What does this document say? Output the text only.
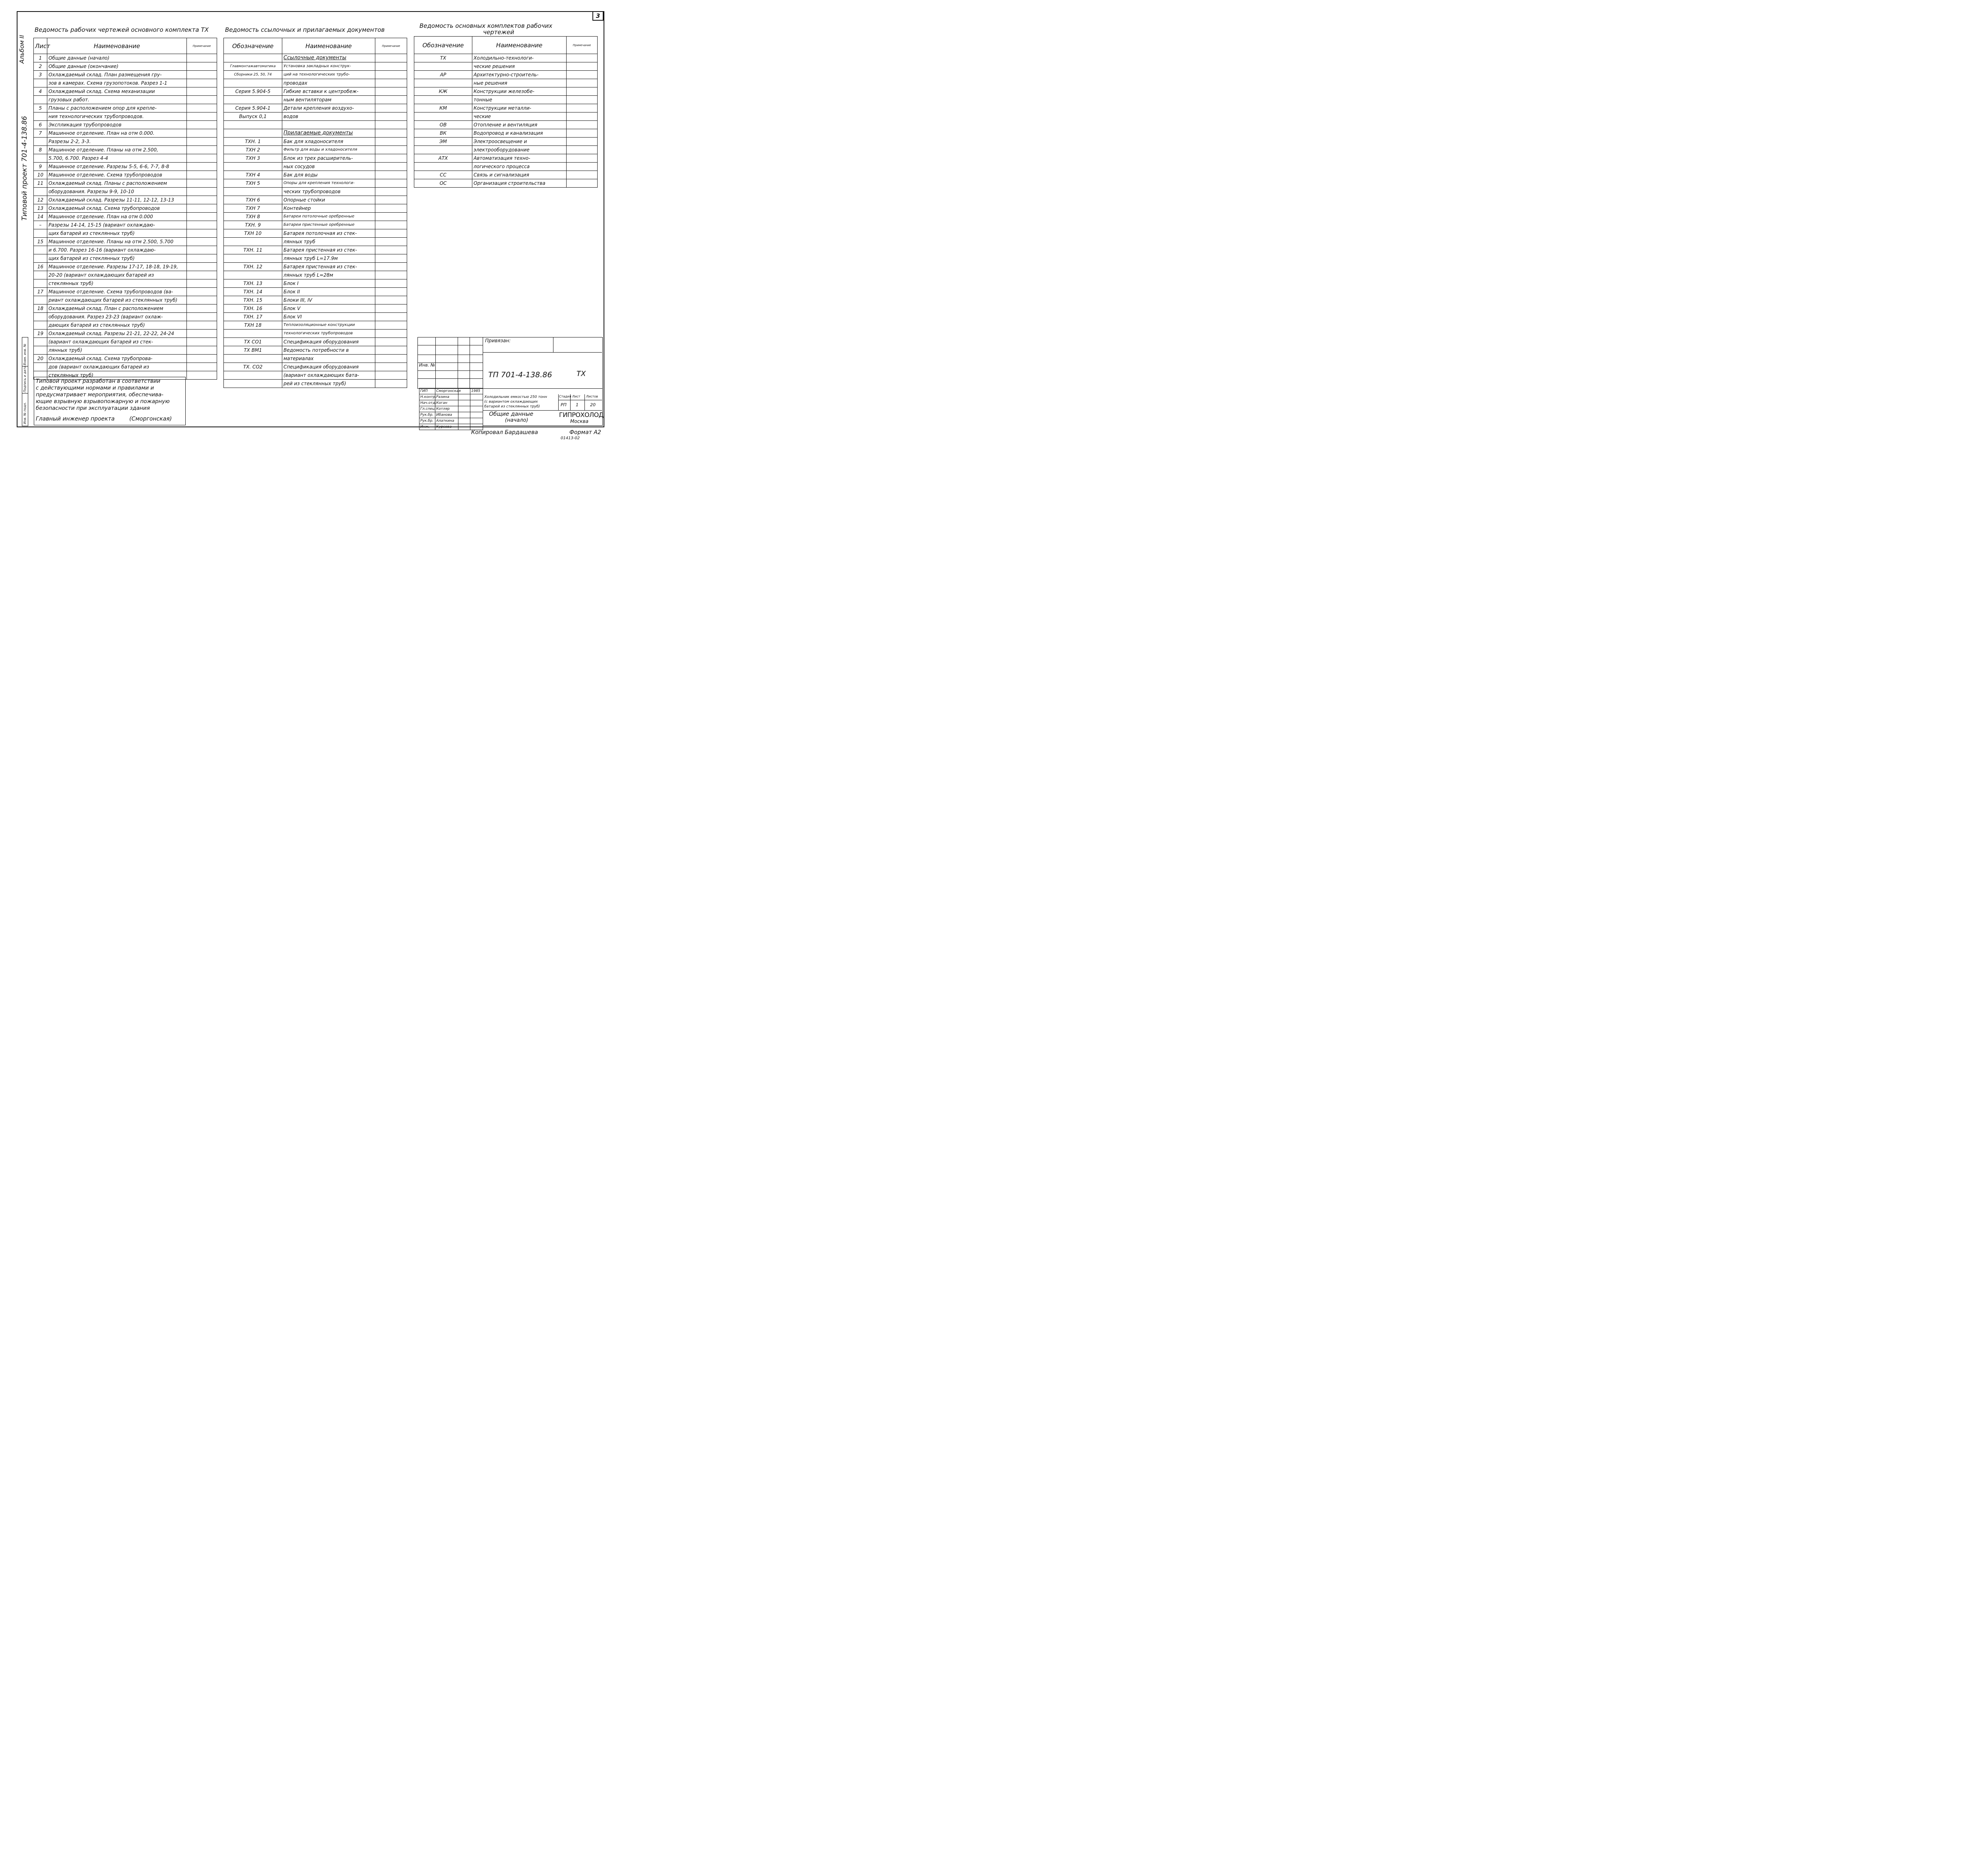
3
Альбом II
Типовой проект 701-4-138.86
Взам. инв. №
Подпись и дата
Инв. № подл.
Ведомость рабочих чертежей основного комплекта ТХ	Ведомость ссылочных и прилагаемых документов
Ведомость основных комплектов рабочих
чертежей
Лист	Наименование	Примечание
1	Общие данные (начало)	
2	Общие данные (окончание)	
3	Охлаждаемый склад. План размещения гру-	
	зов в камерах. Схема грузопотоков. Разрез 1-1	
4	Охлаждаемый склад. Схема механизации	
	грузовых работ.	
5	Планы с расположением опор для крепле-	
	ния технологических трубопроводов.	
6	Экспликация трубопроводов	
7	Машинное отделение. План на отм 0.000.	
	Разрезы 2-2, 3-3.	
8	Машинное отделение. Планы на отм 2.500,	
	5.700, 6.700. Разрез 4-4	
9	Машинное отделение. Разрезы 5-5, 6-6, 7-7, 8-8	
10	Машинное отделение. Схема трубопроводов	
11	Охлаждаемый склад. Планы с расположением	
	оборудования. Разрезы 9-9, 10-10	
12	Охлаждаемый склад. Разрезы 11-11, 12-12, 13-13	
13	Охлаждаемый склад. Схема трубопроводов	
14	Машинное отделение. План на отм 0.000	
–	Разрезы 14-14, 15-15 (вариант охлаждаю-	
	щих батарей из стеклянных труб)	
15	Машинное отделение. Планы на отм 2.500, 5.700	
	и 6.700. Разрез 16-16 (вариант охлаждаю-	
	щих батарей из стеклянных труб)	
16	Машинное отделение. Разрезы 17-17, 18-18, 19-19,	
	20-20 (вариант охлаждающих батарей из	
	стеклянных труб)	
17	Машинное отделение. Схема трубопроводов (ва-	
	риант охлаждающих батарей из стеклянных труб)	
18	Охлаждаемый склад. План с расположением	
	оборудования. Разрез 23-23 (вариант охлаж-	
	дающих батарей из стеклянных труб)	
19	Охлаждаемый склад. Разрезы 21-21, 22-22, 24-24	
	(вариант охлаждающих батарей из стек-	
	лянных труб)	
20	Охлаждаемый склад. Схема трубопрова-	
	дов (вариант охлаждающих батарей из	
	стеклянных труб)	
Обозначение	Наименование	Примечание
	Ссылочные документы	
Главмонтажавтоматика	Установка закладных конструк-	
Сборники 25, 50, 74	ций на технологических трубо-	
	проводах	
Серия 5.904-5	Гибкие вставки к центробеж-	
	ным вентиляторам	
Серия 5.904-1	Детали крепления воздухо-	
Выпуск 0,1	водов	

	Прилагаемые документы	
ТХН. 1	Бак для хладоносителя	
ТХН 2	Фильтр для воды и хладоносителя	
ТХН 3	Блок из трех расширитель-	
	ных сосудов	
ТХН 4	Бак для воды	
ТХН 5	Опоры для крепления технологи-	
	ческих трубопроводов	
ТХН 6	Опорные стойки	
ТХН 7	Контейнер	
ТХН 8	Батареи потолочные оребренные	
ТХН. 9	Батареи пристенные оребренные	
ТХН 10	Батарея потолочная из стек-	
	лянных труб	
ТХН. 11	Батарея пристенная из стек-	
	лянных труб L=17.9м	
ТХН. 12	Батарея пристенная из стек-	
	лянных труб L=28м	
ТХН. 13	Блок I	
ТХН. 14	Блок II	
ТХН. 15	Блоки III, IV	
ТХН. 16	Блок V	
ТХН. 17	Блок VI	
ТХН 18	Теплоизоляционные конструкции	
	технологических трубопроводов	
ТХ СО1	Спецификация оборудования	
ТХ ВМ1	Ведомость потребности в	
	материалах	
ТХ. СО2	Спецификация оборудования	
	(вариант охлаждающих бата-	
	рей из стеклянных труб)	
Обозначение	Наименование	Примечание
ТХ	Холодильно-технологи-	
	ческие решения	
АР	Архитектурно-строитель-	
	ные решения	
КЖ	Конструкции железобе-	
	тонные	
КМ	Конструкции металли-	
	ческие	
ОВ	Отопление и вентиляция	
ВК	Водопровод и канализация	
ЭМ	Электроосвещение и	
	электрооборудование	
АТХ	Автоматизация техно-	
	логического процесса	
СС	Связь и сигнализация	
ОС	Организация строительства	
Типовой проект разработан в соответствии
с действующими нормами и правилами и
предусматривает мероприятия, обеспечива-
ющие взрывную взрывопожарную и пожарную
безопасности при эксплуатации здания
Главный инженер проекта	(Сморгонская)
Инв. №
Привязан:
ТП 701-4-138.86	ТХ
ГИП	Сморгонская		1985
Н.контр.	Разина		
Нач.отд.	Коган		
Гл.спец.	Котляр		
Рук.бр.	Ибанова		
Рук.бр.	Алаткина		
Инж.	Курсова		
Холодильник емкостью 250 тонн
(с вариантом охлаждающих
батарей из стеклянных труб)
Общие данные
(начало)
Стадия Лист Листов
РП 1	20
ГИПРОХОЛОД
Москва
Копировал Бардашева	Формат А2
01413-02
